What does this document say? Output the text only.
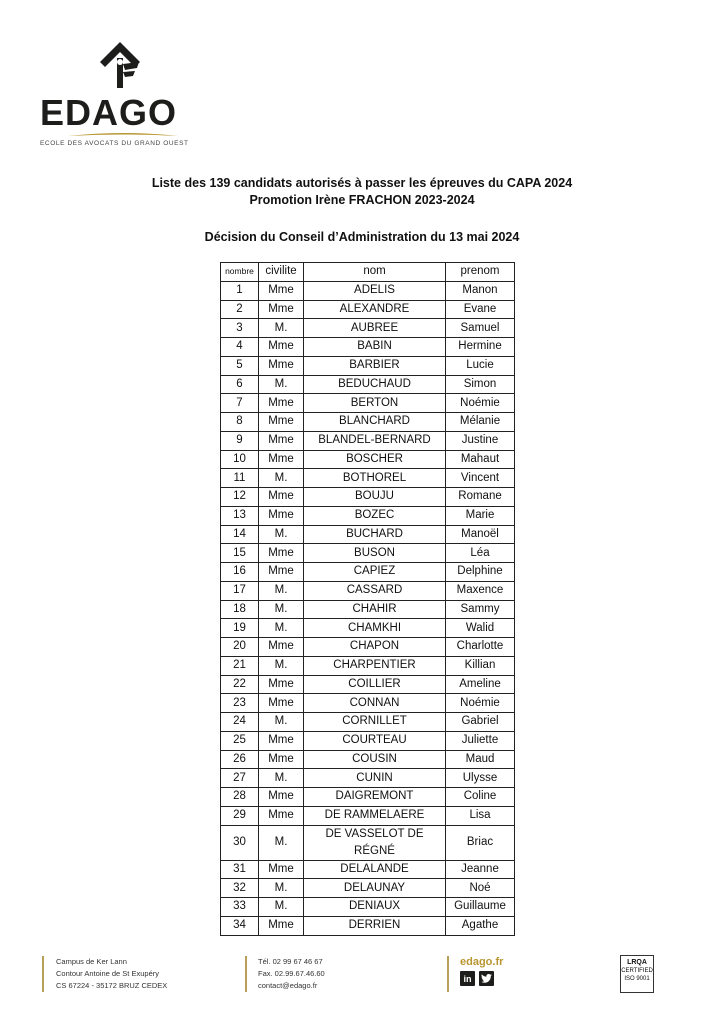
EDAGO
ECOLE DES AVOCATS DU GRAND OUEST
Liste des 139 candidats autorisés à passer les épreuves du CAPA 2024
Promotion Irène FRACHON 2023-2024
Décision du Conseil d’Administration du 13 mai 2024
nombre	civilite	nom	prenom
1	Mme	ADELIS	Manon
2	Mme	ALEXANDRE	Evane
3	M.	AUBREE	Samuel
4	Mme	BABIN	Hermine
5	Mme	BARBIER	Lucie
6	M.	BEDUCHAUD	Simon
7	Mme	BERTON	Noémie
8	Mme	BLANCHARD	Mélanie
9	Mme	BLANDEL-BERNARD	Justine
10	Mme	BOSCHER	Mahaut
11	M.	BOTHOREL	Vincent
12	Mme	BOUJU	Romane
13	Mme	BOZEC	Marie
14	M.	BUCHARD	Manoël
15	Mme	BUSON	Léa
16	Mme	CAPIEZ	Delphine
17	M.	CASSARD	Maxence
18	M.	CHAHIR	Sammy
19	M.	CHAMKHI	Walid
20	Mme	CHAPON	Charlotte
21	M.	CHARPENTIER	Killian
22	Mme	COILLIER	Ameline
23	Mme	CONNAN	Noémie
24	M.	CORNILLET	Gabriel
25	Mme	COURTEAU	Juliette
26	Mme	COUSIN	Maud
27	M.	CUNIN	Ulysse
28	Mme	DAIGREMONT	Coline
29	Mme	DE RAMMELAERE	Lisa
30	M.	DE VASSELOT DE RÉGNÉ	Briac
31	Mme	DELALANDE	Jeanne
32	M.	DELAUNAY	Noé
33	M.	DENIAUX	Guillaume
34	Mme	DERRIEN	Agathe
Campus de Ker Lann
Contour Antoine de St Exupéry
CS 67224 - 35172 BRUZ CEDEX
Tél. 02 99 67 46 67
Fax. 02.99.67.46.60
contact@edago.fr
edago.fr
in
LRQA
CERTIFIED
ISO 9001
